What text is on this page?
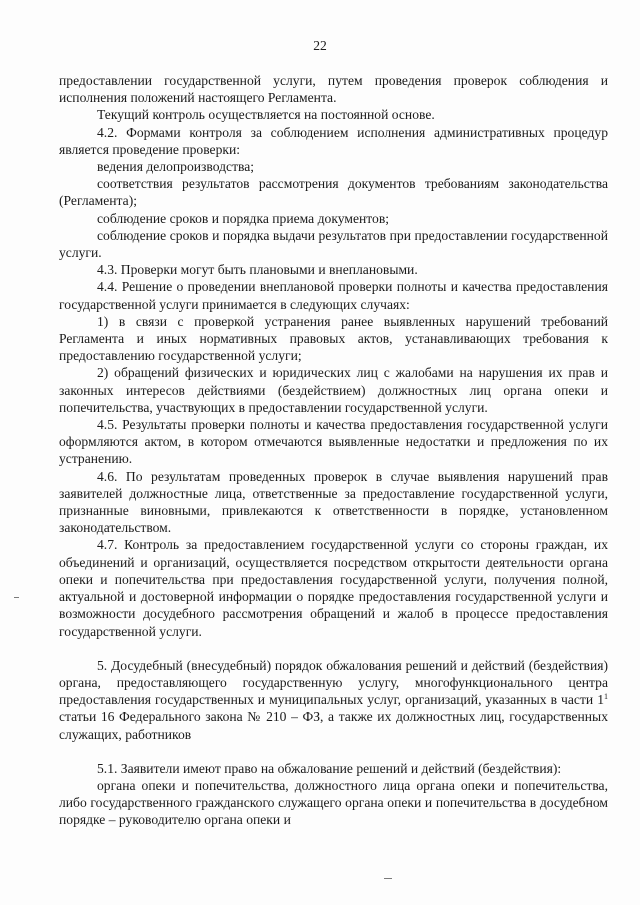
22

предоставлении государственной услуги, путем проведения проверок соблюдения и исполнения положений настоящего Регламента.

Текущий контроль осуществляется на постоянной основе.

4.2. Формами контроля за соблюдением исполнения административных процедур является проведение проверки:

ведения делопроизводства;

соответствия результатов рассмотрения документов требованиям законодательства (Регламента);

соблюдение сроков и порядка приема документов;

соблюдение сроков и порядка выдачи результатов при предоставлении государственной услуги.

4.3. Проверки могут быть плановыми и внеплановыми.

4.4. Решение о проведении внеплановой проверки полноты и качества предоставления государственной услуги принимается в следующих случаях:

1) в связи с проверкой устранения ранее выявленных нарушений требований Регламента и иных нормативных правовых актов, устанавливающих требования к предоставлению государственной услуги;

2) обращений физических и юридических лиц с жалобами на нарушения их прав и законных интересов действиями (бездействием) должностных лиц органа опеки и попечительства, участвующих в предоставлении государственной услуги.

4.5. Результаты проверки полноты и качества предоставления государственной услуги оформляются актом, в котором отмечаются выявленные недостатки и предложения по их устранению.

4.6. По результатам проведенных проверок в случае выявления нарушений прав заявителей должностные лица, ответственные за предоставление государственной услуги, признанные виновными, привлекаются к ответственности в порядке, установленном законодательством.

4.7. Контроль за предоставлением государственной услуги со стороны граждан, их объединений и организаций, осуществляется посредством открытости деятельности органа опеки и попечительства при предоставления государственной услуги, получения полной, актуальной и достоверной информации о порядке предоставления государственной услуги и возможности досудебного рассмотрения обращений и жалоб в процессе предоставления государственной услуги.

5. Досудебный (внесудебный) порядок обжалования решений и действий (бездействия) органа, предоставляющего государственную услугу, многофункционального центра предоставления государственных и муниципальных услуг, организаций, указанных в части $1^1$ статьи 16 Федерального закона № 210 – ФЗ, а также их должностных лиц, государственных служащих, работников

5.1. Заявители имеют право на обжалование решений и действий (бездействия):

органа опеки и попечительства, должностного лица органа опеки и попечительства, либо государственного гражданского служащего органа опеки и попечительства в досудебном порядке – руководителю органа опеки и
